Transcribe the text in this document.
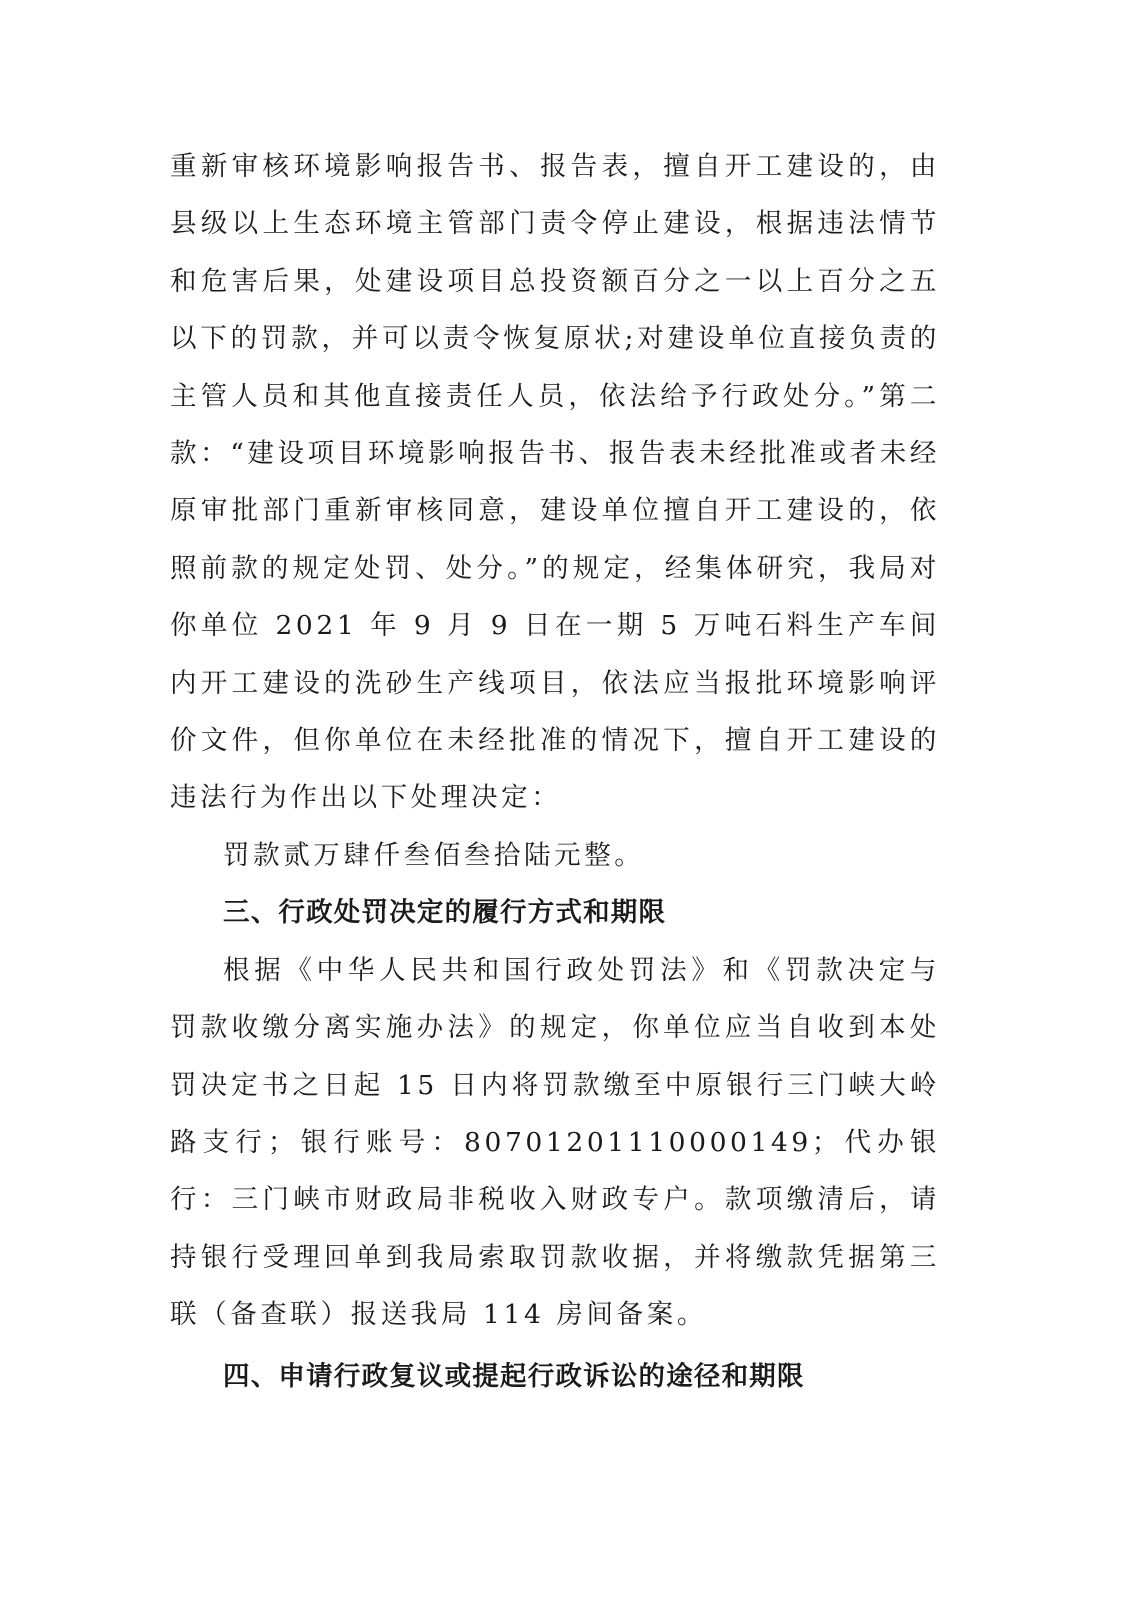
重新审核环境影响报告书、报告表，擅自开工建设的，由县级以上生态环境主管部门责令停止建设，根据违法情节和危害后果，处建设项目总投资额百分之一以上百分之五以下的罚款，并可以责令恢复原状;对建设单位直接负责的主管人员和其他直接责任人员，依法给予行政处分。”第二款：“建设项目环境影响报告书、报告表未经批准或者未经原审批部门重新审核同意，建设单位擅自开工建设的，依照前款的规定处罚、处分。”的规定，经集体研究，我局对你单位 2021 年 9 月 9 日在一期 5 万吨石料生产车间内开工建设的洗砂生产线项目，依法应当报批环境影响评价文件，但你单位在未经批准的情况下，擅自开工建设的违法行为作出以下处理决定：

罚款贰万肆仟叁佰叁拾陆元整。

三、行政处罚决定的履行方式和期限

根据《中华人民共和国行政处罚法》和《罚款决定与罚款收缴分离实施办法》的规定，你单位应当自收到本处罚决定书之日起 15 日内将罚款缴至中原银行三门峡大岭路支行；银行账号：80701201110000149；代办银行：三门峡市财政局非税收入财政专户。款项缴清后，请持银行受理回单到我局索取罚款收据，并将缴款凭据第三联（备查联）报送我局 114 房间备案。

四、申请行政复议或提起行政诉讼的途径和期限
